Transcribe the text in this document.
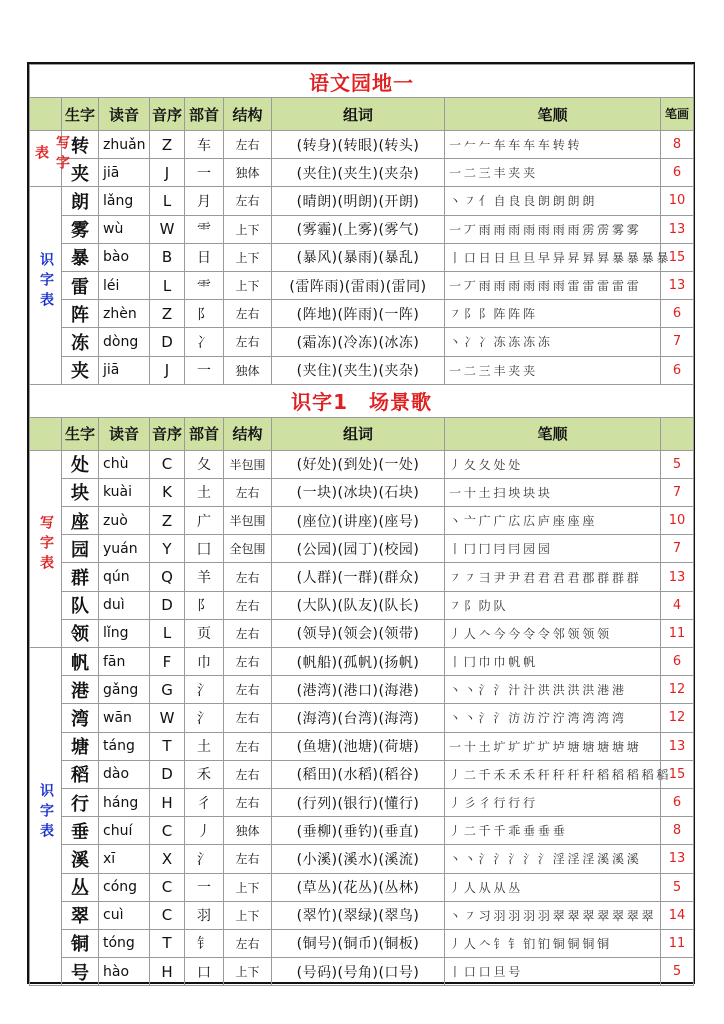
语文园地一								
	生字	读音	音序	部首	结构	组词	笔顺	笔画
写字表	转	zhuǎn	Z	车	左右	(转身)(转眼)(转头)	一 𠂉 𠂉 车 车 车 车 转 转	8
	夹	jiā	J	一	独体	(夹住)(夹生)(夹杂)	一 二 三 丰 夹 夹	6
识字表	朗	lǎng	L	月	左右	(晴朗)(明朗)(开朗)	丶 ㇇ 亻 自 良 良 朗 朗 朗 朗	10
	雾	wù	W	⻗	上下	(雾霾)(上雾)(雾气)	一 丆 雨 雨 雨 雨 雨 雨 雨 雳 雳 雾 雾	13
	暴	bào	B	日	上下	(暴风)(暴雨)(暴乱)	丨 口 日 日 旦 旦 早 异 昇 昪 昪 暴 暴 暴 暴	15
	雷	léi	L	⻗	上下	(雷阵雨)(雷雨)(雷同)	一 丆 雨 雨 雨 雨 雨 雨 雷 雷 雷 雷 雷	13
	阵	zhèn	Z	阝	左右	(阵地)(阵雨)(一阵)	㇇ 阝 阝 阵 阵 阵	6
	冻	dòng	D	冫	左右	(霜冻)(冷冻)(冰冻)	丶 冫 冫 冻 冻 冻 冻	7
	夹	jiā	J	一	独体	(夹住)(夹生)(夹杂)	一 二 三 丰 夹 夹	6
识字1　场景歌								
	生字	读音	音序	部首	结构	组词	笔顺	
写字表	处	chù	C	夂	半包围	(好处)(到处)(一处)	丿 夂 夂 处 处	5
	块	kuài	K	土	左右	(一块)(冰块)(石块)	一 十 土 扫 坱 块 块	7
	座	zuò	Z	广	半包围	(座位)(讲座)(座号)	丶 亠 广 广 広 広 庐 座 座 座	10
	园	yuán	Y	囗	全包围	(公园)(园丁)(校园)	丨 冂 冂 冃 冃 园 园	7
	群	qún	Q	羊	左右	(人群)(一群)(群众)	㇇ ㇇ 彐 尹 尹 君 君 君 君 郡 群 群 群	13
	队	duì	D	阝	左右	(大队)(队友)(队长)	㇇ 阝 阞 队	4
	领	lǐng	L	页	左右	(领导)(领会)(领带)	丿 人 𠆢 今 今 令 令 邻 领 领 领	11
识字表	帆	fān	F	巾	左右	(帆船)(孤帆)(扬帆)	丨 冂 巾 巾 帆 帆	6
	港	gǎng	G	氵	左右	(港湾)(港口)(海港)	丶 丶 氵 氵 汁 汁 洪 洪 洪 洪 港 港	12
	湾	wān	W	氵	左右	(海湾)(台湾)(海湾)	丶 丶 氵 氵 汸 汸 泞 泞 湾 湾 湾 湾	12
	塘	táng	T	土	左右	(鱼塘)(池塘)(荷塘)	一 十 土 圹 圹 圹 圹 垆 塘 塘 塘 塘 塘	13
	稻	dào	D	禾	左右	(稻田)(水稻)(稻谷)	丿 二 千 禾 禾 禾 秆 秆 秆 秆 稻 稻 稻 稻 稻	15
	行	háng	H	彳	左右	(行列)(银行)(懂行)	丿 彡 彳 行 行 行	6
	垂	chuí	C	丿	独体	(垂柳)(垂钓)(垂直)	丿 二 千 千 乖 垂 垂 垂	8
	溪	xī	X	氵	左右	(小溪)(溪水)(溪流)	丶 丶 氵 氵 氵 氵 氵 淫 淫 淫 溪 溪 溪	13
	丛	cóng	C	一	上下	(草丛)(花丛)(丛林)	丿 人 从 从 丛	5
	翠	cuì	C	羽	上下	(翠竹)(翠绿)(翠鸟)	丶 ㇇ 习 羽 羽 羽 羽 翠 翠 翠 翠 翠 翠 翠	14
	铜	tóng	T	钅	左右	(铜号)(铜币)(铜板)	丿 人 𠆢 钅 钅 钔 钔 铜 铜 铜 铜	11
	号	hào	H	口	上下	(号码)(号角)(口号)	丨 口 口 旦 号	5
